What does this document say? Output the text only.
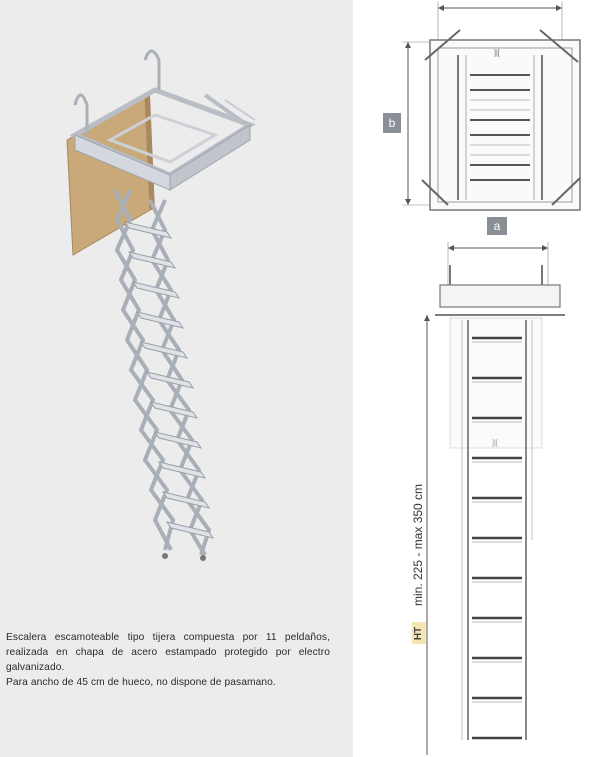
Escalera escamoteable tipo tijera compuesta por 11 peldaños, realizada en chapa de acero estampado protegido por electro galvanizado.

Para ancho de 45 cm de hueco, no dispone de pasamano.

]|[
b
a
]|[
min. 225 - max 350 cm
HT
